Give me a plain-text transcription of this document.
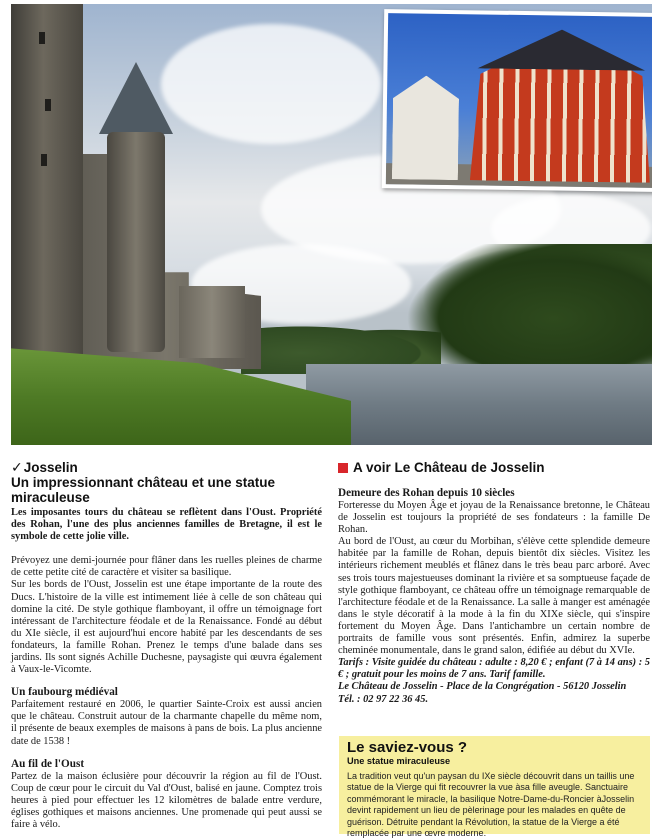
✓Josselin
Un impressionnant château et une statue miraculeuse

Les imposantes tours du château se reflètent dans l'Oust. Propriété des Rohan, l'une des plus anciennes familles de Bretagne, il est le symbole de cette jolie ville.

Prévoyez une demi-journée pour flâner dans les ruelles pleines de charme de cette petite cité de caractère et visiter sa basilique.

Sur les bords de l'Oust, Josselin est une étape importante de la route des Ducs. L'histoire de la ville est intimement liée à celle de son château qui domine la cité. De style gothique flamboyant, il offre un témoignage fort intéressant de l'architecture féodale et de la Renaissance. Fondé au début du XIe siècle, il est aujourd'hui encore habité par les descendants de ses fondateurs, la famille Rohan. Prenez le temps d'une balade dans ses jardins. Ils sont signés Achille Duchesne, paysagiste qui œuvra également à Vaux-le-Vicomte.

Un faubourg médiéval

Parfaitement restauré en 2006, le quartier Sainte-Croix est aussi ancien que le château. Construit autour de la charmante chapelle du même nom, il présente de beaux exemples de maisons à pans de bois. La plus ancienne date de 1538 !

Au fil de l'Oust

Partez de la maison éclusière pour découvrir la région au fil de l'Oust. Coup de cœur pour le circuit du Val d'Oust, balisé en jaune. Comptez trois heures à pied pour effectuer les 12 kilomètres de balade entre verdure, églises gothiques et maisons anciennes. Une promenade qui peut aussi se faire à vélo.

A voir Le Château de Josselin
Demeure des Rohan depuis 10 siècles

Forteresse du Moyen Âge et joyau de la Renaissance bretonne, le Château de Josselin est toujours la propriété de ses fondateurs : la famille De Rohan.

Au bord de l'Oust, au cœur du Morbihan, s'élève cette splendide demeure habitée par la famille de Rohan, depuis bientôt dix siècles. Visitez les intérieurs richement meublés et flânez dans le très beau parc arboré. Avec ses trois tours majestueuses dominant la rivière et sa somptueuse façade de style gothique flamboyant, ce château offre un témoignage remarquable de l'architecture féodale et de la Renaissance. La salle à manger est aménagée dans le style décoratif à la mode à la fin du XIXe siècle, qui s'inspire fortement du Moyen Âge. Dans l'antichambre un certain nombre de portraits de famille vous sont présentés. Enfin, admirez la superbe cheminée monumentale, dans le grand salon, édifiée au début du XVIe.

Tarifs : Visite guidée du château : adulte : 8,20 € ; enfant (7 à 14 ans) : 5 € ; gratuit pour les moins de 7 ans. Tarif famille.

Le Château de Josselin - Place de la Congrégation - 56120 Josselin

Tél. : 02 97 22 36 45.

Le saviez-vous ?
Une statue miraculeuse
La tradition veut qu'un paysan du IXe siècle découvrit dans un taillis une statue de la Vierge qui fit recouvrer la vue àsa fille aveugle. Sanctuaire commémorant le miracle, la basilique Notre-Dame-du-Roncier àJosselin devint rapidement un lieu de pèlerinage pour les malades en quête de guérison. Détruite pendant la Révolution, la statue de la Vierge a été remplacée par une œvre moderne.
